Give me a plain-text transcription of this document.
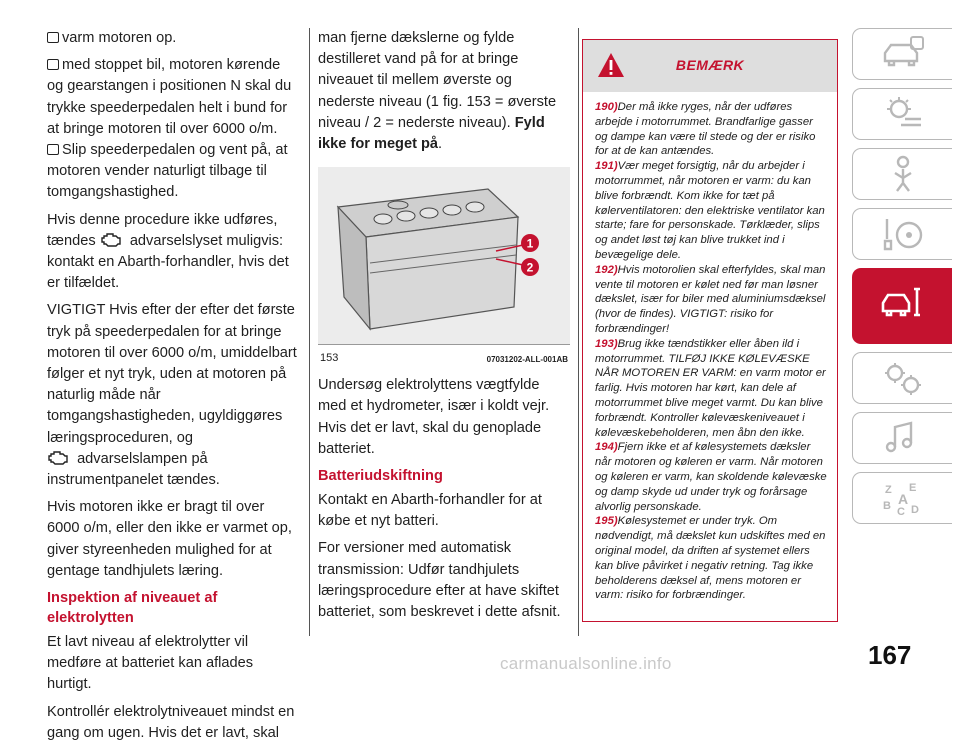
varm motoren op.
med stoppet bil, motoren kørende og gearstangen i positionen N skal du trykke speederpedalen helt i bund for at bringe motoren til over 6000 o/m.
Slip speederpedalen og vent på, at motoren vender naturligt tilbage til tomgangshastighed.
Hvis denne procedure ikke udføres, tændes advarselslyset muligvis: kontakt en Abarth-forhandler, hvis det er tilfældet.
VIGTIGT Hvis efter der efter det første tryk på speederpedalen for at bringe motoren til over 6000 o/m, umiddelbart følger et nyt tryk, uden at motoren på naturlig måde når tomgangshastigheden, ugyldiggøres læringsproceduren, og
advarselslampen på instrumentpanelet tændes.
Hvis motoren ikke er bragt til over 6000 o/m, eller den ikke er varmet op, giver styreenheden mulighed for at gentage tandhjulets læring.
Inspektion af niveauet af elektrolytten
Et lavt niveau af elektrolytter vil medføre at batteriet kan aflades hurtigt.
Kontrollér elektrolytniveauet mindst en gang om ugen. Hvis det er lavt, skal
man fjerne dækslerne og fylde destilleret vand på for at bringe niveauet til mellem øverste og nederste niveau (1 fig. 153 = øverste niveau / 2 = nederste niveau). Fyld ikke for meget på.
1
2
153	07031202-ALL-001AB
Undersøg elektrolyttens vægtfylde med et hydrometer, især i koldt vejr. Hvis det er lavt, skal du genoplade batteriet.
Batteriudskiftning
Kontakt en Abarth-forhandler for at købe et nyt batteri.
For versioner med automatisk transmission: Udfør tandhjulets læringsprocedure efter at have skiftet batteriet, som beskrevet i dette afsnit.
BEMÆRK

190)Der må ikke ryges, når der udføres arbejde i motorrummet. Brandfarlige gasser og dampe kan være til stede og der er risiko for at de kan antændes.

191)Vær meget forsigtig, når du arbejder i motorrummet, når motoren er varm: du kan blive forbrændt. Kom ikke for tæt på kølerventilatoren: den elektriske ventilator kan starte; fare for personskade. Tørklæder, slips og andet løst tøj kan blive trukket ind i bevægelige dele.

192)Hvis motorolien skal efterfyldes, skal man vente til motoren er kølet ned før man løsner dækslet, især for biler med aluminiumsdæksel (hvor de findes). VIGTIGT: risiko for forbrændinger!

193)Brug ikke tændstikker eller åben ild i motorrummet. TILFØJ IKKE KØLEVÆSKE NÅR MOTOREN ER VARM: en varm motor er farlig. Hvis motoren har kørt, kan dele af motorrummet blive meget varmt. Du kan blive forbrændt. Kontroller kølevæskeniveauet i kølevæskebeholderen, men åbn den ikke.

194)Fjern ikke et af kølesystemets dæksler når motoren og køleren er varm. Når motoren og køleren er varm, kan skoldende kølevæske og damp skyde ud under tryk og forårsage alvorlig personskade.

195)Kølesystemet er under tryk. Om nødvendigt, må dækslet kun udskiftes med en original model, da driften af systemet ellers kan blive påvirket i negativ retning. Tag ikke beholderens dæksel af, mens motoren er varm: risiko for forbrændinger.

Z E
B C D
A
167
carmanualsonline.info
